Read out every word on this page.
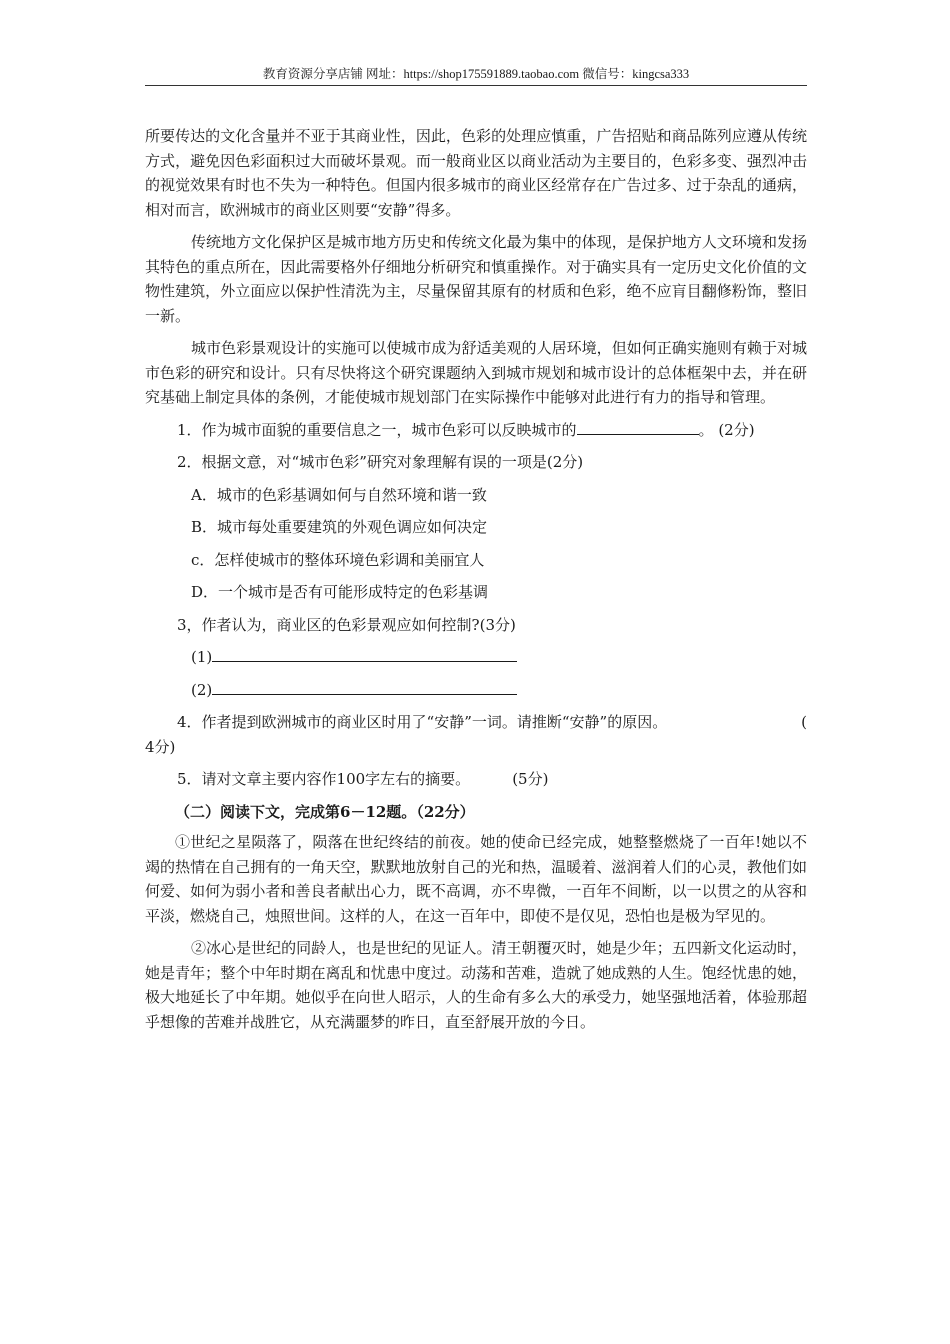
教育资源分享店铺 网址：https://shop175591889.taobao.com 微信号：kingcsa333

所要传达的文化含量并不亚于其商业性，因此，色彩的处理应慎重，广告招贴和商品陈列应遵从传统方式，避免因色彩面积过大而破坏景观。而一般商业区以商业活动为主要目的，色彩多变、强烈冲击的视觉效果有时也不失为一种特色。但国内很多城市的商业区经常存在广告过多、过于杂乱的通病，相对而言，欧洲城市的商业区则要“安静”得多。

传统地方文化保护区是城市地方历史和传统文化最为集中的体现，是保护地方人文环境和发扬其特色的重点所在，因此需要格外仔细地分析研究和慎重操作。对于确实具有一定历史文化价值的文物性建筑，外立面应以保护性清洗为主，尽量保留其原有的材质和色彩，绝不应肓目翻修粉饰，整旧一新。

城市色彩景观设计的实施可以使城市成为舒适美观的人居环境，但如何正确实施则有赖于对城市色彩的研究和设计。只有尽快将这个研究课题纳入到城市规划和城市设计的总体框架中去，并在研究基础上制定具体的条例，才能使城市规划部门在实际操作中能够对此进行有力的指导和管理。

1．作为城市面貌的重要信息之一，城市色彩可以反映城市的	。 (2分)

2．根据文意，对“城市色彩”研究对象理解有误的一项是(2分)

A．城市的色彩基调如何与自然环境和谐一致

B．城市每处重要建筑的外观色调应如何决定

c．怎样使城市的整体环境色彩调和美丽宜人

D．一个城市是否有可能形成特定的色彩基调

3，作者认为，商业区的色彩景观应如何控制?(3分)

(1)

(2)

4．作者提到欧洲城市的商业区时用了“安静”一词。请推断“安静”的原因。	(

4分)

5．请对文章主要内容作100字左右的摘要。	(5分)

（二）阅读下文，完成第6－12题。（22分）

①世纪之星陨落了，陨落在世纪终结的前夜。她的使命已经完成，她整整燃烧了一百年!她以不竭的热情在自己拥有的一角天空，默默地放射自己的光和热，温暖着、滋润着人们的心灵，教他们如何爱、如何为弱小者和善良者献出心力，既不高调，亦不卑微，一百年不间断，以一以贯之的从容和平淡，燃烧自己，烛照世间。这样的人，在这一百年中，即使不是仅见，恐怕也是极为罕见的。

②冰心是世纪的同龄人，也是世纪的见证人。清王朝覆灭时，她是少年；五四新文化运动时，她是青年；整个中年时期在离乱和忧患中度过。动荡和苦难，造就了她成熟的人生。饱经忧患的她，极大地延长了中年期。她似乎在向世人昭示，人的生命有多么大的承受力，她坚强地活着，体验那超乎想像的苦难并战胜它，从充满噩梦的昨日，直至舒展开放的今日。
